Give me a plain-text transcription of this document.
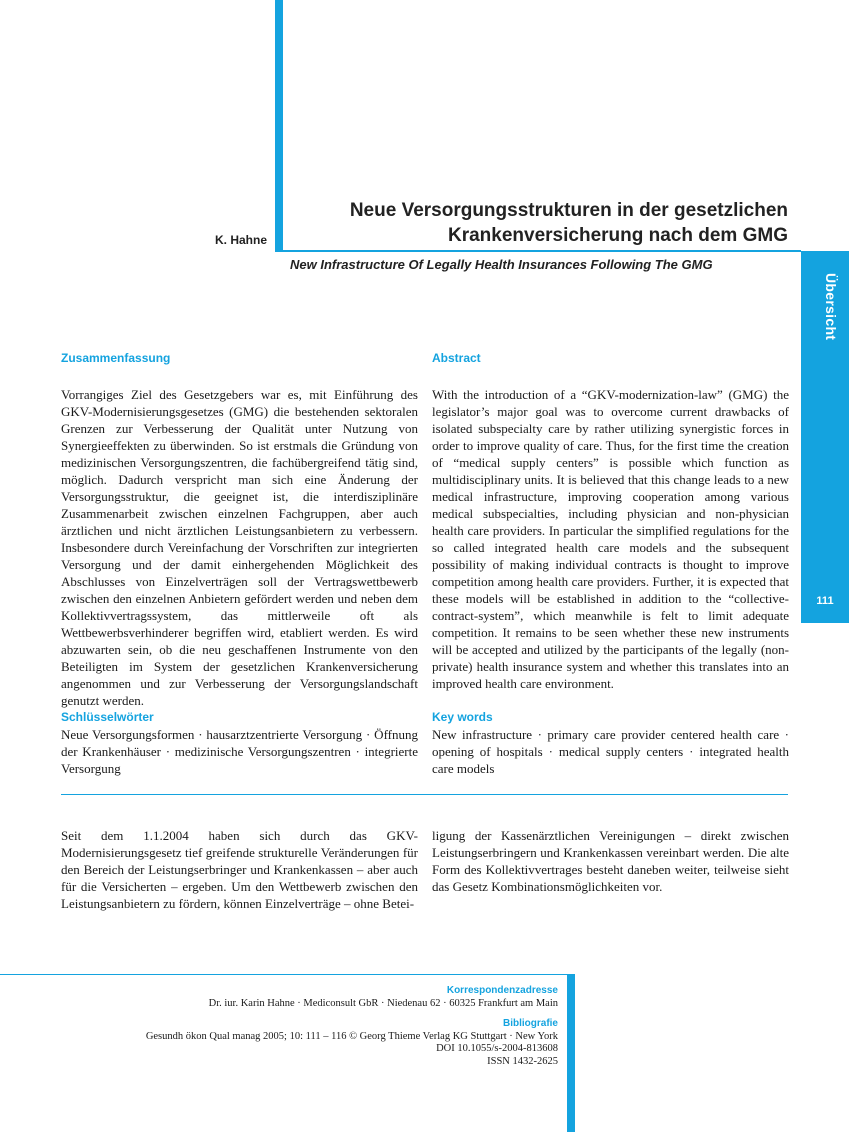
Übersicht
111
K. Hahne
Neue Versorgungsstrukturen in der gesetzlichen
Krankenversicherung nach dem GMG
New Infrastructure Of Legally Health Insurances Following The GMG
Zusammenfassung
Vorrangiges Ziel des Gesetzgebers war es, mit Einführung des GKV-Modernisierungsgesetzes (GMG) die bestehenden sektoralen Grenzen zur Verbesserung der Qualität unter Nutzung von Synergieeffekten zu überwinden. So ist erstmals die Gründung von medizinischen Versorgungszentren, die fachübergreifend tätig sind, möglich. Dadurch verspricht man sich eine Änderung der Versorgungsstruktur, die geeignet ist, die interdisziplinäre Zusammenarbeit zwischen einzelnen Fachgruppen, aber auch ärztlichen und nicht ärztlichen Leistungsanbietern zu verbessern. Insbesondere durch Vereinfachung der Vorschriften zur integrierten Versorgung und der damit einhergehenden Möglichkeit des Abschlusses von Einzelverträgen soll der Vertragswettbewerb zwischen den einzelnen Anbietern gefördert werden und neben dem Kollektivvertragssystem, das mittlerweile oft als Wettbewerbsverhinderer begriffen wird, etabliert werden. Es wird abzuwarten sein, ob die neu geschaffenen Instrumente von den Beteiligten im System der gesetzlichen Krankenversicherung angenommen und zur Verbesserung der Versorgungslandschaft genutzt werden.
Abstract
With the introduction of a “GKV-modernization-law” (GMG) the legislator’s major goal was to overcome current drawbacks of isolated subspecialty care by rather utilizing synergistic forces in order to improve quality of care. Thus, for the first time the creation of “medical supply centers” is possible which function as multidisciplinary units. It is believed that this change leads to a new medical infrastructure, improving cooperation among various medical subspecialties, including physician and non-physician health care providers. In particular the simplified regulations for the so called integrated health care models and the subsequent possibility of making individual contracts is thought to improve competition among health care providers. Further, it is expected that these models will be established in addition to the “collective-contract-system”, which meanwhile is felt to limit adequate competition. It remains to be seen whether these new instruments will be accepted and utilized by the participants of the legally (non-private) health insurance system and whether this translates into an improved health care environment.
Schlüsselwörter
Neue Versorgungsformen · hausarztzentrierte Versorgung · Öffnung der Krankenhäuser · medizinische Versorgungszentren · integrierte Versorgung
Key words
New infrastructure · primary care provider centered health care · opening of hospitals · medical supply centers · integrated health care models
Seit dem 1.1.2004 haben sich durch das GKV-Modernisierungsgesetz tief greifende strukturelle Veränderungen für den Bereich der Leistungserbringer und Krankenkassen – aber auch für die Versicherten – ergeben. Um den Wettbewerb zwischen den Leistungsanbietern zu fördern, können Einzelverträge – ohne Betei-
ligung der Kassenärztlichen Vereinigungen – direkt zwischen Leistungserbringern und Krankenkassen vereinbart werden. Die alte Form des Kollektivvertrages besteht daneben weiter, teilweise sieht das Gesetz Kombinationsmöglichkeiten vor.
Korrespondenzadresse
Dr. iur. Karin Hahne · Mediconsult GbR · Niedenau 62 · 60325 Frankfurt am Main
Bibliografie
Gesundh ökon Qual manag 2005; 10: 111 – 116 © Georg Thieme Verlag KG Stuttgart · New York
DOI 10.1055/s-2004-813608
ISSN 1432-2625
